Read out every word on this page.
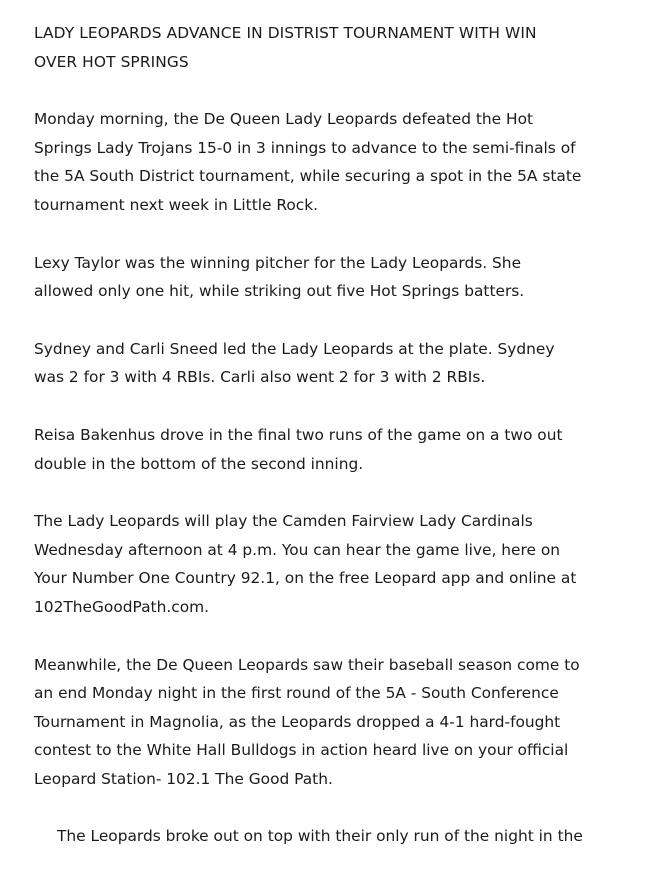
LADY LEOPARDS ADVANCE IN DISTRIST TOURNAMENT WITH WIN
OVER HOT SPRINGS
Monday morning, the De Queen Lady Leopards defeated the Hot
Springs Lady Trojans 15-0 in 3 innings to advance to the semi-finals of
the 5A South District tournament, while securing a spot in the 5A state
tournament next week in Little Rock.
Lexy Taylor was the winning pitcher for the Lady Leopards. She
allowed only one hit, while striking out five Hot Springs batters.
Sydney and Carli Sneed led the Lady Leopards at the plate. Sydney
was 2 for 3 with 4 RBIs. Carli also went 2 for 3 with 2 RBIs.
Reisa Bakenhus drove in the final two runs of the game on a two out
double in the bottom of the second inning.
The Lady Leopards will play the Camden Fairview Lady Cardinals
Wednesday afternoon at 4 p.m. You can hear the game live, here on
Your Number One Country 92.1, on the free Leopard app and online at
102TheGoodPath.com.
Meanwhile, the De Queen Leopards saw their baseball season come to
an end Monday night in the first round of the 5A - South Conference
Tournament in Magnolia, as the Leopards dropped a 4-1 hard-fought
contest to the White Hall Bulldogs in action heard live on your official
Leopard Station- 102.1 The Good Path.
The Leopards broke out on top with their only run of the night in the
